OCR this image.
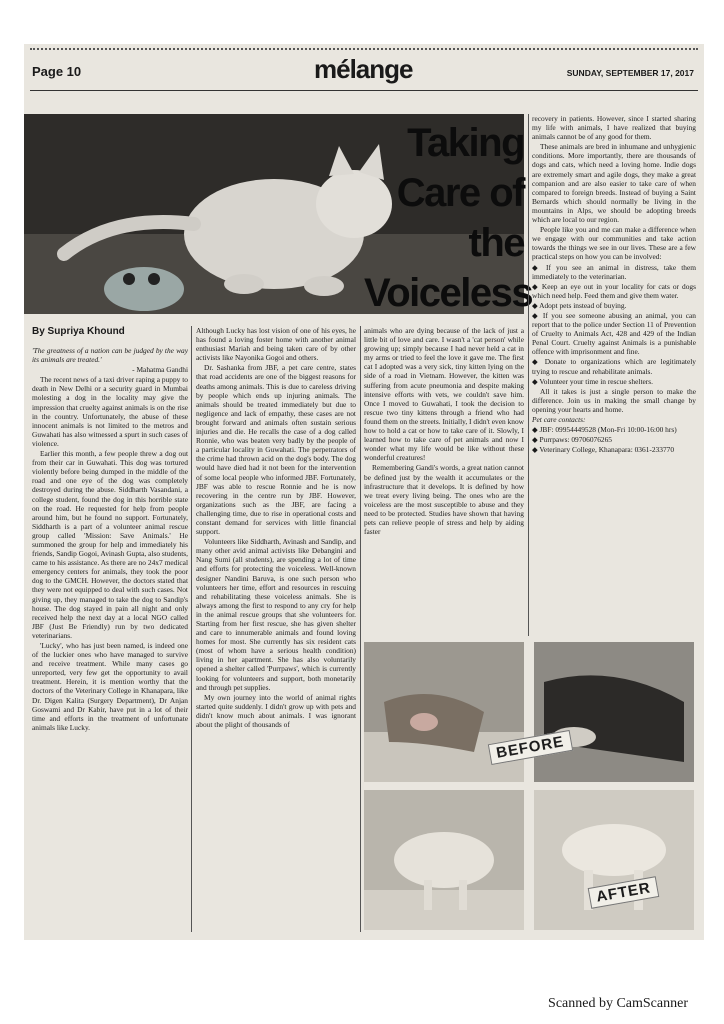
Page 10	mélange	SUNDAY, SEPTEMBER 17, 2017
Taking
Care of the
Voiceless
By Supriya Khound

'The greatness of a nation can be judged by the way its animals are treated.'

- Mahatma Gandhi

The recent news of a taxi driver raping a puppy to death in New Delhi or a security guard in Mumbai molesting a dog in the locality may give the impression that cruelty against animals is on the rise in the country. Unfortunately, the abuse of these innocent animals is not limited to the metros and Guwahati has also witnessed a spurt in such cases of violence.

Earlier this month, a few people threw a dog out from their car in Guwahati. This dog was tortured violently before being dumped in the middle of the road and one eye of the dog was completely destroyed during the abuse. Siddharth Vasandani, a college student, found the dog in this horrible state on the road. He requested for help from people around him, but he found no support. Fortunately, Siddharth is a part of a volunteer animal rescue group called 'Mission: Save Animals.' He summoned the group for help and immediately his friends, Sandip Gogoi, Avinash Gupta, also students, came to his assistance. As there are no 24x7 medical emergency centers for animals, they took the poor dog to the GMCH. However, the doctors stated that they were not equipped to deal with such cases. Not giving up, they managed to take the dog to Sandip's house. The dog stayed in pain all night and only received help the next day at a local NGO called JBF (Just Be Friendly) run by two dedicated veterinarians.

'Lucky', who has just been named, is indeed one of the luckier ones who have managed to survive and receive treatment. While many cases go unreported, very few get the opportunity to avail treatment. Herein, it is mention worthy that the doctors of the Veterinary College in Khanapara, like Dr. Digen Kalita (Surgery Department), Dr Anjan Goswami and Dr Kabir, have put in a lot of their time and efforts in the treatment of unfortunate animals like Lucky.

Although Lucky has lost vision of one of his eyes, he has found a loving foster home with another animal enthusiast Mariah and being taken care of by other activists like Nayonika Gogoi and others.

Dr. Sashanka from JBF, a pet care centre, states that road accidents are one of the biggest reasons for deaths among animals. This is due to careless driving by people which ends up injuring animals. The animals should be treated immediately but due to negligence and lack of empathy, these cases are not brought forward and animals often sustain serious injuries and die. He recalls the case of a dog called Ronnie, who was beaten very badly by the people of a particular locality in Guwahati. The perpetrators of the crime had thrown acid on the dog's body. The dog would have died had it not been for the intervention of some local people who informed JBF. Fortunately, JBF was able to rescue Ronnie and he is now recovering in the centre run by JBF. However, organizations such as the JBF, are facing a challenging time, due to rise in operational costs and constant demand for services with little financial support.

Volunteers like Siddharth, Avinash and Sandip, and many other avid animal activists like Debangini and Nang Sumi (all students), are spending a lot of time and efforts for protecting the voiceless. Well-known designer Nandini Baruva, is one such person who volunteers her time, effort and resources in rescuing and rehabilitating these voiceless animals. She is always among the first to respond to any cry for help in the animal rescue groups that she volunteers for. Starting from her first rescue, she has given shelter and care to innumerable animals and found loving homes for most. She currently has six resident cats (most of whom have a serious health condition) living in her apartment. She has also voluntarily opened a shelter called 'Purrpaws', which is currently looking for volunteers and support, both monetarily and through pet supplies.

My own journey into the world of animal rights started quite suddenly. I didn't grow up with pets and didn't know much about animals. I was ignorant about the plight of thousands of

animals who are dying because of the lack of just a little bit of love and care. I wasn't a 'cat person' while growing up; simply because I had never held a cat in my arms or tried to feel the love it gave me. The first cat I adopted was a very sick, tiny kitten lying on the side of a road in Vietnam. However, the kitten was suffering from acute pneumonia and despite making intensive efforts with vets, we couldn't save him. Once I moved to Guwahati, I took the decision to rescue two tiny kittens through a friend who had found them on the streets. Initially, I didn't even know how to hold a cat or how to take care of it. Slowly, I learned how to take care of pet animals and now I wonder what my life would be like without these wonderful creatures!

Remembering Gandi's words, a great nation cannot be defined just by the wealth it accumulates or the infrastructure that it develops. It is defined by how we treat every living being. The ones who are the voiceless are the most susceptible to abuse and they need to be protected. Studies have shown that having pets can relieve people of stress and help by aiding faster

recovery in patients. However, since I started sharing my life with animals, I have realized that buying animals cannot be of any good for them.

These animals are bred in inhumane and unhygienic conditions. More importantly, there are thousands of dogs and cats, which need a loving home. Indie dogs are extremely smart and agile dogs, they make a great companion and are also easier to take care of when compared to foreign breeds. Instead of buying a Saint Bernards which should normally be living in the mountains in Alps, we should be adopting breeds which are local to our region.

People like you and me can make a difference when we engage with our communities and take action towards the things we see in our lives. These are a few practical steps on how you can be involved:

◆ If you see an animal in distress, take them immediately to the veterinarian.

◆ Keep an eye out in your locality for cats or dogs which need help. Feed them and give them water.

◆ Adopt pets instead of buying.

◆ If you see someone abusing an animal, you can report that to the police under Section 11 of Prevention of Cruelty to Animals Act, 428 and 429 of the Indian Penal Court. Cruelty against Animals is a punishable offence with imprisonment and fine.

◆ Donate to organizations which are legitimately trying to rescue and rehabilitate animals.

◆ Volunteer your time in rescue shelters.

All it takes is just a single person to make the difference. Join us in making the small change by opening your hearts and home.

Pet care contacts:

◆ JBF: 09954449528 (Mon-Fri 10:00-16:00 hrs)

◆ Purrpaws: 09706076265

◆ Veterinary College, Khanapara: 0361-233770

BEFORE
AFTER
Scanned by CamScanner
